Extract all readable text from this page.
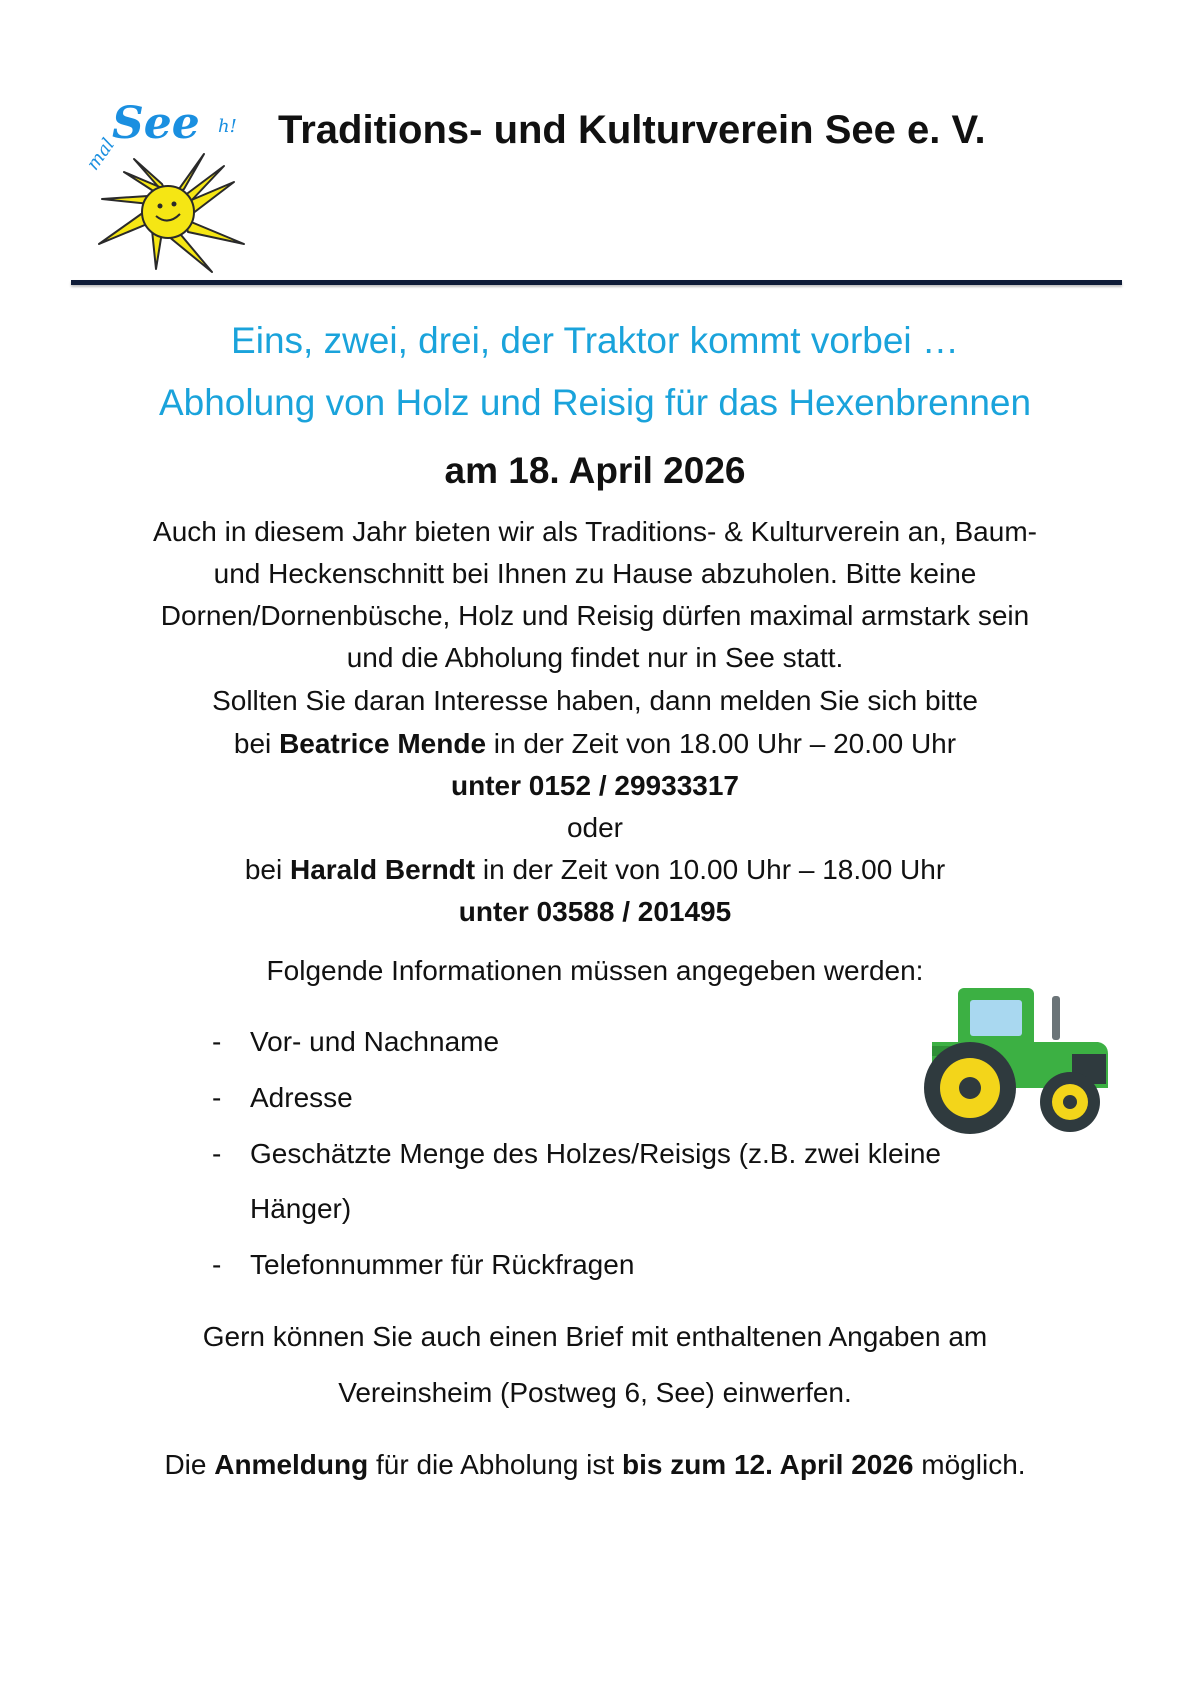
mal
See h! Traditions- und Kulturverein See e. V.
Eins, zwei, drei, der Traktor kommt vorbei …
Abholung von Holz und Reisig für das Hexenbrennen
am 18. April 2026
Auch in diesem Jahr bieten wir als Traditions- & Kulturverein an, Baum-
und Heckenschnitt bei Ihnen zu Hause abzuholen. Bitte keine
Dornen/Dornenbüsche, Holz und Reisig dürfen maximal armstark sein
und die Abholung findet nur in See statt.
Sollten Sie daran Interesse haben, dann melden Sie sich bitte
bei Beatrice Mende in der Zeit von 18.00 Uhr – 20.00 Uhr
unter 0152 / 29933317
oder
bei Harald Berndt in der Zeit von 10.00 Uhr – 18.00 Uhr
unter 03588 / 201495
Folgende Informationen müssen angegeben werden:
- Vor- und Nachname
- Adresse
- Geschätzte Menge des Holzes/Reisigs (z.B. zwei kleine
Hänger)
- Telefonnummer für Rückfragen
Gern können Sie auch einen Brief mit enthaltenen Angaben am
Vereinsheim (Postweg 6, See) einwerfen.
Die Anmeldung für die Abholung ist bis zum 12. April 2026 möglich.
